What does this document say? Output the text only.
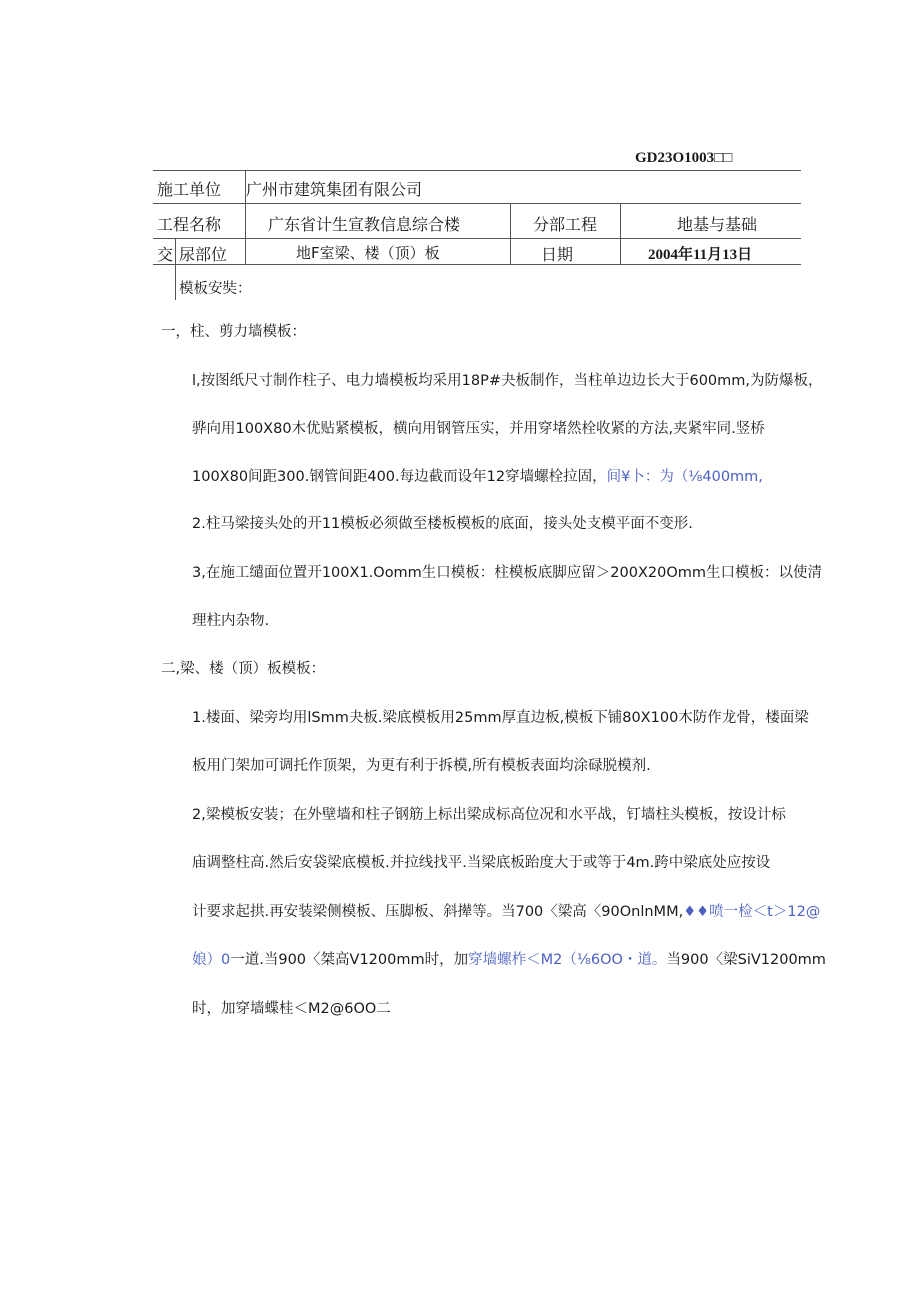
GD23O1003□□
施工单位 广州市建筑集团有限公司
工程名称	广东省计生宣教信息综合楼	分部工程	地基与基础
交 尿部位	地F室梁、楼（顶）板	日期	2004年11月13日
模板安奘：
一，柱、剪力墙模板：
l,按图纸尺寸制作柱子、电力墙模板均采用18P#夬板制作，当柱单边边长大于600mm,为防爆板，
骅向用100X80木优贴紧模板，横向用钢管压实，并用穿堵然栓收紧的方法,夹紧牢同.竖桥
100X80间距300.钢管间距400.每边截而设年12穿墙螺栓拉固，间¥卜：为（⅛400mm,
2.柱马梁接头处的开11模板必须做至楼板模板的底面，接头处支模平面不变形.
3,在施工缱面位置开100X1.Oomm生口模板：柱模板底脚应留＞200X20Omm生口模板：以使清
理柱内杂物.
二,梁、楼（顶）板模板：
1.楼面、梁旁均用lSmm夬板.梁底模板用25mm厚直边板,模板下铺80X100木防作龙骨，楼面梁
板用门架加可调托作顶架，为更有利于拆模,所有模板表面均涂碌脱模剂.
2,梁模板安装；在外壁墙和柱子钢筋上标出梁成标高位况和水平战，钉墙柱头模板，按设计标
庙调整柱高.然后安袋梁底模板.并拉线找平.当梁底板跆度大于或等于4m.跨中梁底处应按设
计要求起拱.再安装梁侧模板、压脚板、斜撵等。当700〈梁高〈90OnlnMM,♦♦喷一检＜t＞12@
娘）0一道.当900〈桀高V1200mm时，加穿墙螺柞＜M2（⅛6OO・道。当900〈梁SiV1200mm
时，加穿墙蝶桂＜M2@6OO二
